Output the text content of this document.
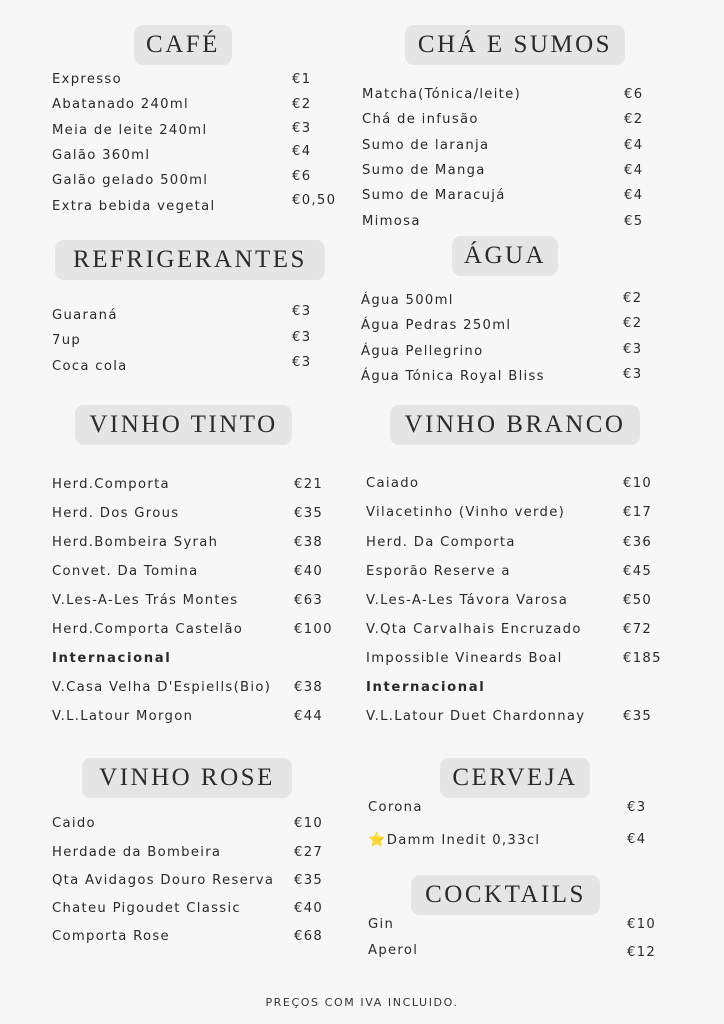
CAFÉ	CHÁ E SUMOS
REFRIGERANTES	ÁGUA
VINHO TINTO	VINHO BRANCO
VINHO ROSE	CERVEJA
COCKTAILS
Expresso	€1
Abatanado 240ml	€2
Meia de leite 240ml	€3
Galão 360ml	€4
Galão gelado 500ml	€6
Extra bebida vegetal	€0,50
Matcha(Tónica/leite)	€6
Chá de infusão	€2
Sumo de laranja	€4
Sumo de Manga	€4
Sumo de Maracujá	€4
Mimosa	€5
Guaraná	€3
7up	€3
Coca cola	€3
Água 500ml	€2
Água Pedras 250ml	€2
Água Pellegrino	€3
Água Tónica Royal Bliss	€3
Herd.Comporta	€21
Herd. Dos Grous	€35
Herd.Bombeira Syrah	€38
Convet. Da Tomina	€40
V.Les-A-Les Trás Montes	€63
Herd.Comporta Castelão	€100
Internacional
V.Casa Velha D'Espiells(Bio) €38
V.L.Latour Morgon	€44
Caiado	€10
Vilacetinho (Vinho verde)	€17
Herd. Da Comporta	€36
Esporão Reserve a	€45
V.Les-A-Les Távora Varosa	€50
V.Qta Carvalhais Encruzado	€72
Impossible Vineards Boal	€185
Internacional
V.L.Latour Duet Chardonnay	€35
Caido	€10
Herdade da Bombeira	€27
Qta Avidagos Douro Reserva €35
Chateu Pigoudet Classic	€40
Comporta Rose	€68
Corona	€3
⭐Damm Inedit 0,33cl	€4
Gin	€10
Aperol	€12
PREÇOS COM IVA INCLUIDO.
